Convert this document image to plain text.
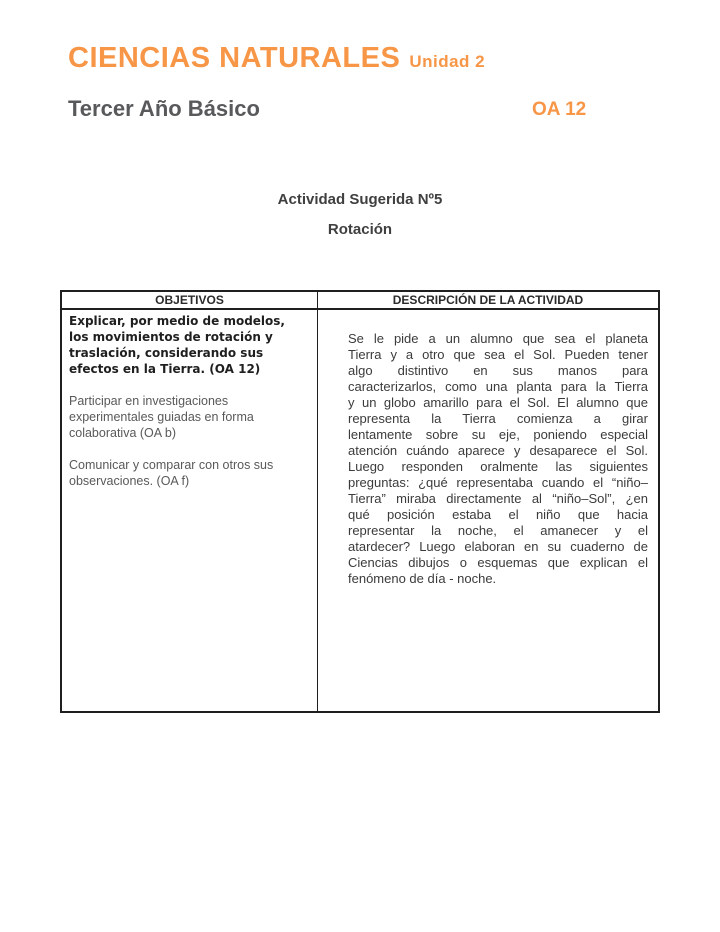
CIENCIAS NATURALES Unidad 2
Tercer Año Básico	OA 12
Actividad Sugerida Nº5
Rotación
OBJETIVOS	DESCRIPCIÓN DE LA ACTIVIDAD
Explicar, por medio de modelos,
los movimientos de rotación y
traslación, considerando sus
efectos en la Tierra. (OA 12)
Participar en investigaciones
experimentales guiadas en forma
colaborativa (OA b)
Comunicar y comparar con otros sus
observaciones. (OA f)
Se le pide a un alumno que sea el planeta
Tierra y a otro que sea el Sol. Pueden tener
algo distintivo en sus manos para
caracterizarlos, como una planta para la Tierra
y un globo amarillo para el Sol. El alumno que
representa la Tierra comienza a girar
lentamente sobre su eje, poniendo especial
atención cuándo aparece y desaparece el Sol.
Luego responden oralmente las siguientes
preguntas: ¿qué representaba cuando el “niño–
Tierra” miraba directamente al “niño–Sol”, ¿en
qué posición estaba el niño que hacia
representar la noche, el amanecer y el
atardecer? Luego elaboran en su cuaderno de
Ciencias dibujos o esquemas que explican el
fenómeno de día - noche.
